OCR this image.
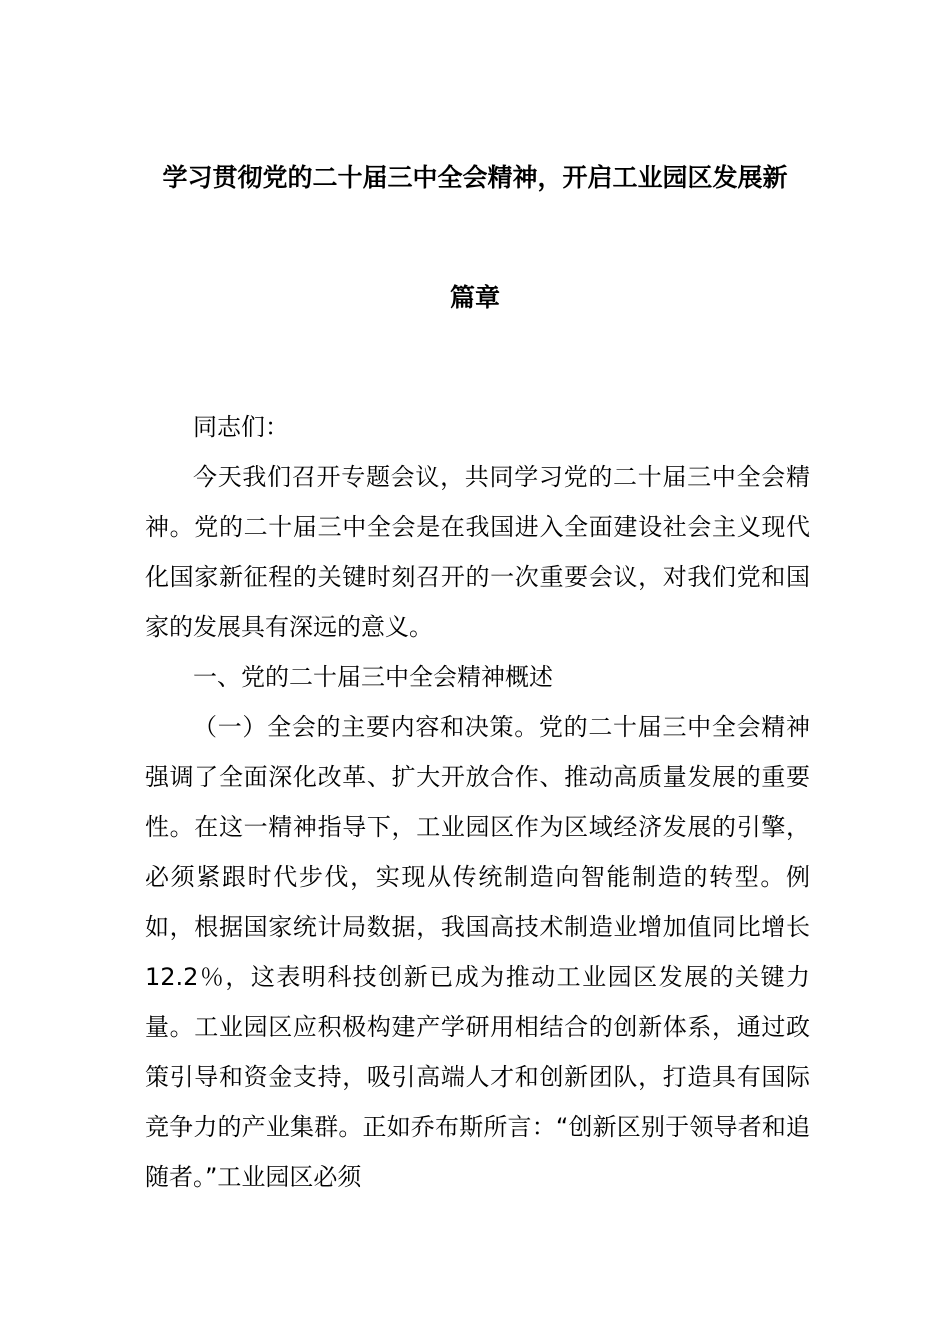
学习贯彻党的二十届三中全会精神，开启工业园区发展新
篇章

同志们：

今天我们召开专题会议，共同学习党的二十届三中全会精神。党的二十届三中全会是在我国进入全面建设社会主义现代化国家新征程的关键时刻召开的一次重要会议，对我们党和国家的发展具有深远的意义。

一、党的二十届三中全会精神概述

（一）全会的主要内容和决策。党的二十届三中全会精神强调了全面深化改革、扩大开放合作、推动高质量发展的重要性。在这一精神指导下，工业园区作为区域经济发展的引擎，必须紧跟时代步伐，实现从传统制造向智能制造的转型。例如，根据国家统计局数据，我国高技术制造业增加值同比增长 12.2％，这表明科技创新已成为推动工业园区发展的关键力量。工业园区应积极构建产学研用相结合的创新体系，通过政策引导和资金支持，吸引高端人才和创新团队，打造具有国际竞争力的产业集群。正如乔布斯所言：“创新区别于领导者和追随者。”工业园区必须
